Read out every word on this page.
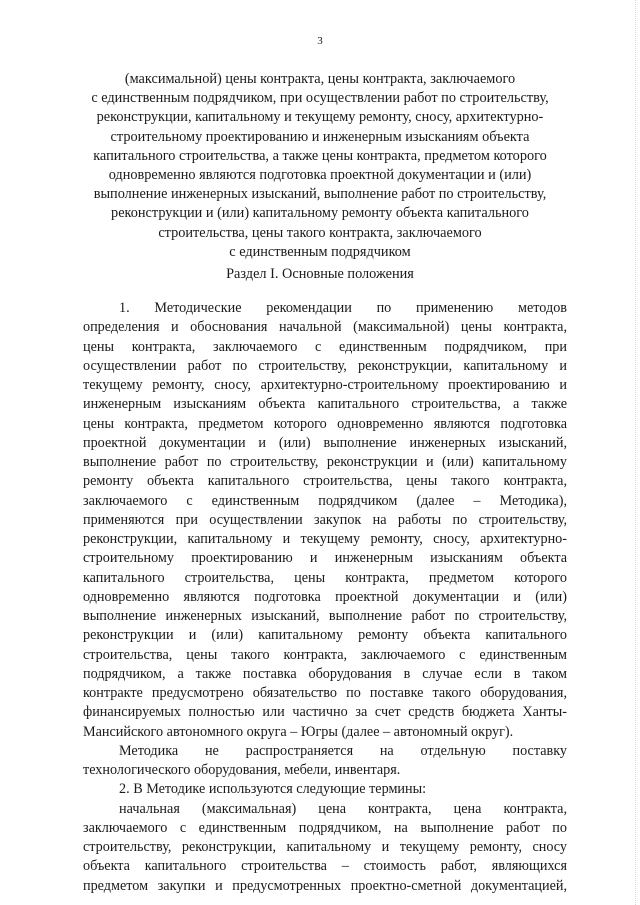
3
(максимальной) цены контракта, цены контракта, заключаемого
с единственным подрядчиком, при осуществлении работ по строительству,
реконструкции, капитальному и текущему ремонту, сносу, архитектурно-
строительному проектированию и инженерным изысканиям объекта
капитального строительства, а также цены контракта, предметом которого
одновременно являются подготовка проектной документации и (или)
выполнение инженерных изысканий, выполнение работ по строительству,
реконструкции и (или) капитальному ремонту объекта капитального
строительства, цены такого контракта, заключаемого
с единственным подрядчиком
Раздел I. Основные положения
1. Методические рекомендации по применению методов
определения и обоснования начальной (максимальной) цены контракта,
цены контракта, заключаемого с единственным подрядчиком, при
осуществлении работ по строительству, реконструкции, капитальному и
текущему ремонту, сносу, архитектурно-строительному проектированию и
инженерным изысканиям объекта капитального строительства, а также
цены контракта, предметом которого одновременно являются подготовка
проектной документации и (или) выполнение инженерных изысканий,
выполнение работ по строительству, реконструкции и (или) капитальному
ремонту объекта капитального строительства, цены такого контракта,
заключаемого с единственным подрядчиком (далее – Методика),
применяются при осуществлении закупок на работы по строительству,
реконструкции, капитальному и текущему ремонту, сносу, архитектурно-
строительному проектированию и инженерным изысканиям объекта
капитального строительства, цены контракта, предметом которого
одновременно являются подготовка проектной документации и (или)
выполнение инженерных изысканий, выполнение работ по строительству,
реконструкции и (или) капитальному ремонту объекта капитального
строительства, цены такого контракта, заключаемого с единственным
подрядчиком, а также поставка оборудования в случае если в таком
контракте предусмотрено обязательство по поставке такого оборудования,
финансируемых полностью или частично за счет средств бюджета Ханты-
Мансийского автономного округа – Югры (далее – автономный округ).
Методика не распространяется на отдельную поставку
технологического оборудования, мебели, инвентаря.
2. В Методике используются следующие термины:
начальная (максимальная) цена контракта, цена контракта,
заключаемого с единственным подрядчиком, на выполнение работ по
строительству, реконструкции, капитальному и текущему ремонту, сносу
объекта капитального строительства – стоимость работ, являющихся
предметом закупки и предусмотренных проектно-сметной документацией,
